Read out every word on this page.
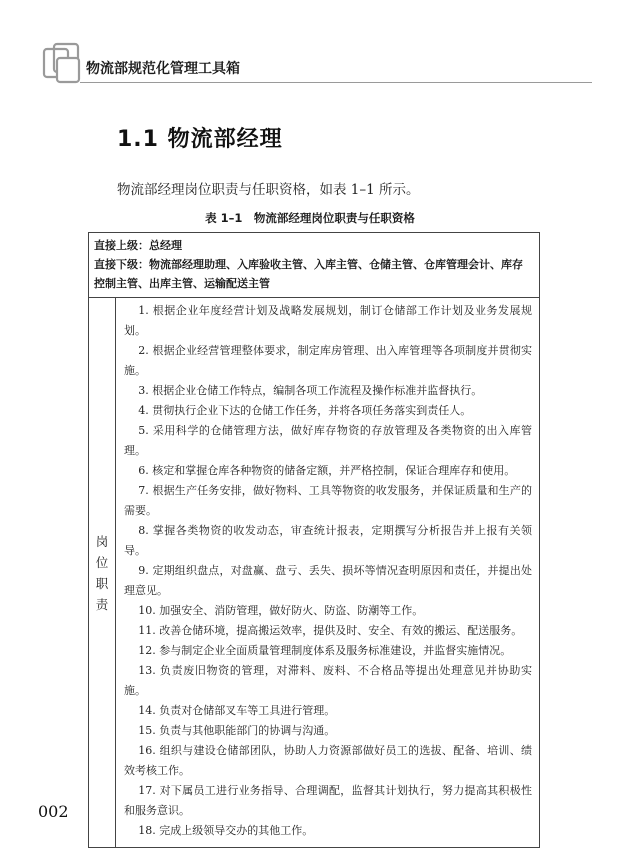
物流部规范化管理工具箱
1.1 物流部经理
物流部经理岗位职责与任职资格，如表 1–1 所示。
表 1–1　物流部经理岗位职责与任职资格
直接上级：总经理
直接下级：物流部经理助理、入库验收主管、入库主管、仓储主管、仓库管理会计、库存
控制主管、出库主管、运输配送主管
岗
位
职
责
1. 根据企业年度经营计划及战略发展规划，制订仓储部工作计划及业务发展规划。
2. 根据企业经营管理整体要求，制定库房管理、出入库管理等各项制度并贯彻实施。
3. 根据企业仓储工作特点，编制各项工作流程及操作标准并监督执行。
4. 贯彻执行企业下达的仓储工作任务，并将各项任务落实到责任人。
5. 采用科学的仓储管理方法，做好库存物资的存放管理及各类物资的出入库管理。
6. 核定和掌握仓库各种物资的储备定额，并严格控制，保证合理库存和使用。
7. 根据生产任务安排，做好物料、工具等物资的收发服务，并保证质量和生产的需要。
8. 掌握各类物资的收发动态，审查统计报表，定期撰写分析报告并上报有关领导。
9. 定期组织盘点，对盘赢、盘亏、丢失、损坏等情况查明原因和责任，并提出处理意见。
10. 加强安全、消防管理，做好防火、防盗、防潮等工作。
11. 改善仓储环境，提高搬运效率，提供及时、安全、有效的搬运、配送服务。
12. 参与制定企业全面质量管理制度体系及服务标准建设，并监督实施情况。
13. 负责废旧物资的管理，对滞料、废料、不合格品等提出处理意见并协助实施。
14. 负责对仓储部叉车等工具进行管理。
15. 负责与其他职能部门的协调与沟通。
16. 组织与建设仓储部团队，协助人力资源部做好员工的选拔、配备、培训、绩效考核工作。
17. 对下属员工进行业务指导、合理调配，监督其计划执行，努力提高其积极性和服务意识。
18. 完成上级领导交办的其他工作。
002
